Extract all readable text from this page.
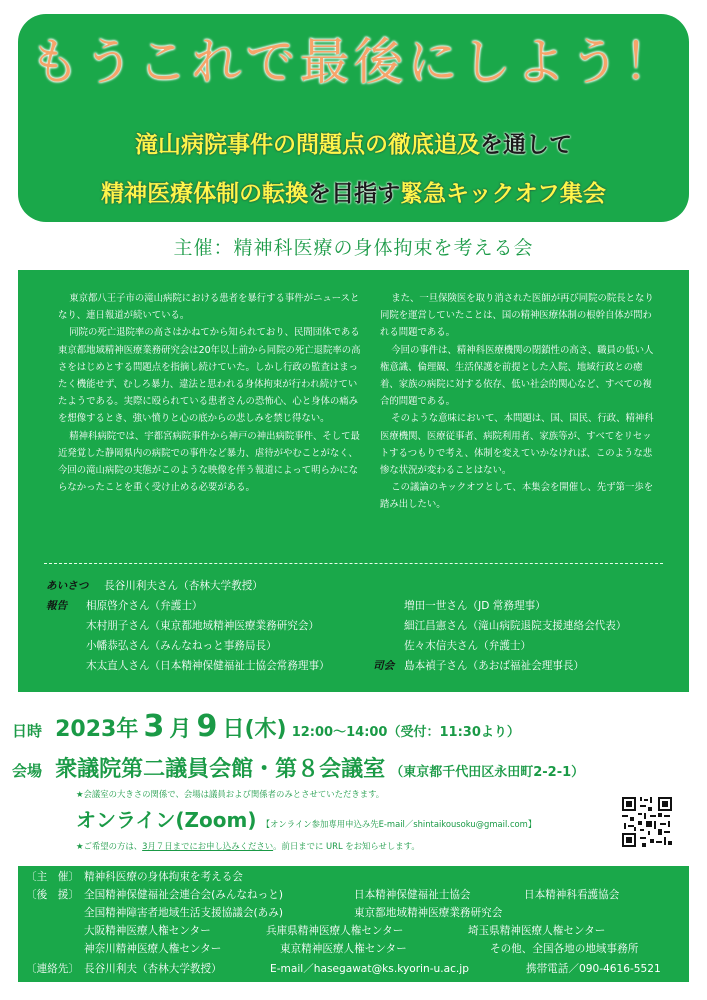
もうこれで最後にしよう！
滝山病院事件の問題点の徹底追及を通して
精神医療体制の転換を目指す緊急キックオフ集会
主催：精神科医療の身体拘束を考える会

東京都八王子市の滝山病院における患者を暴行する事件がニュースとなり、連日報道が続いている。

同院の死亡退院率の高さはかねてから知られており、民間団体である東京都地域精神医療業務研究会は20年以上前から同院の死亡退院率の高さをはじめとする問題点を指摘し続けていた。しかし行政の監査はまったく機能せず、むしろ暴力、違法と思われる身体拘束が行われ続けていたようである。実際に殴られている患者さんの恐怖心、心と身体の痛みを想像するとき、強い憤りと心の底からの悲しみを禁じ得ない。

精神科病院では、宇都宮病院事件から神戸の神出病院事件、そして最近発覚した静岡県内の病院での事件など暴力、虐待がやむことがなく、今回の滝山病院の実態がこのような映像を伴う報道によって明らかにならなかったことを重く受け止める必要がある。

また、一旦保険医を取り消された医師が再び同院の院長となり同院を運営していたことは、国の精神医療体制の根幹自体が問われる問題である。

今回の事件は、精神科医療機関の閉鎖性の高さ、職員の低い人権意識、倫理観、生活保護を前提とした入院、地域行政との癒着、家族の病院に対する依存、低い社会的関心など、すべての複合的問題である。

そのような意味において、本問題は、国、国民、行政、精神科医療機関、医療従事者、病院利用者、家族等が、すべてをリセットするつもりで考え、体制を変えていかなければ、このような悲惨な状況が変わることはない。

この議論のキックオフとして、本集会を開催し、先ず第一歩を踏み出したい。

あいさつ 長谷川利夫さん（杏林大学教授）
報告 相原啓介さん（弁護士）
木村朋子さん（東京都地域精神医療業務研究会）
小幡恭弘さん（みんなねっと事務局長）
木太直人さん（日本精神保健福祉士協会常務理事）
増田一世さん（JD 常務理事）
細江昌憲さん（滝山病院退院支援連絡会代表）
佐々木信夫さん（弁護士）
司会 島本禎子さん（あおば福祉会理事長）
日時 2023年 3 月 9 日(木) 12:00～14:00（受付：11:30より）
会場 衆議院第二議員会館・第８会議室 （東京都千代田区永田町2-2-1）
★会議室の大きさの関係で、会場は議員および関係者のみとさせていただきます。
オンライン(Zoom) 【オンライン参加専用申込み先E-mail／shintaikousoku@gmail.com】
★ご希望の方は、3月７日までにお申し込みください。前日までに URL をお知らせします。
〔主　催〕 精神科医療の身体拘束を考える会
〔後　援〕 全国精神保健福祉会連合会(みんなねっと)	日本精神保健福祉士協会	日本精神科看護協会
全国精神障害者地域生活支援協議会(あみ)	東京都地域精神医療業務研究会
大阪精神医療人権センター	兵庫県精神医療人権センター	埼玉県精神医療人権センター
神奈川精神医療人権センター	東京精神医療人権センター	その他、全国各地の地域事務所
〔連絡先〕 長谷川利夫（杏林大学教授）	E-mail／hasegawat@ks.kyorin-u.ac.jp	携帯電話／090-4616-5521
